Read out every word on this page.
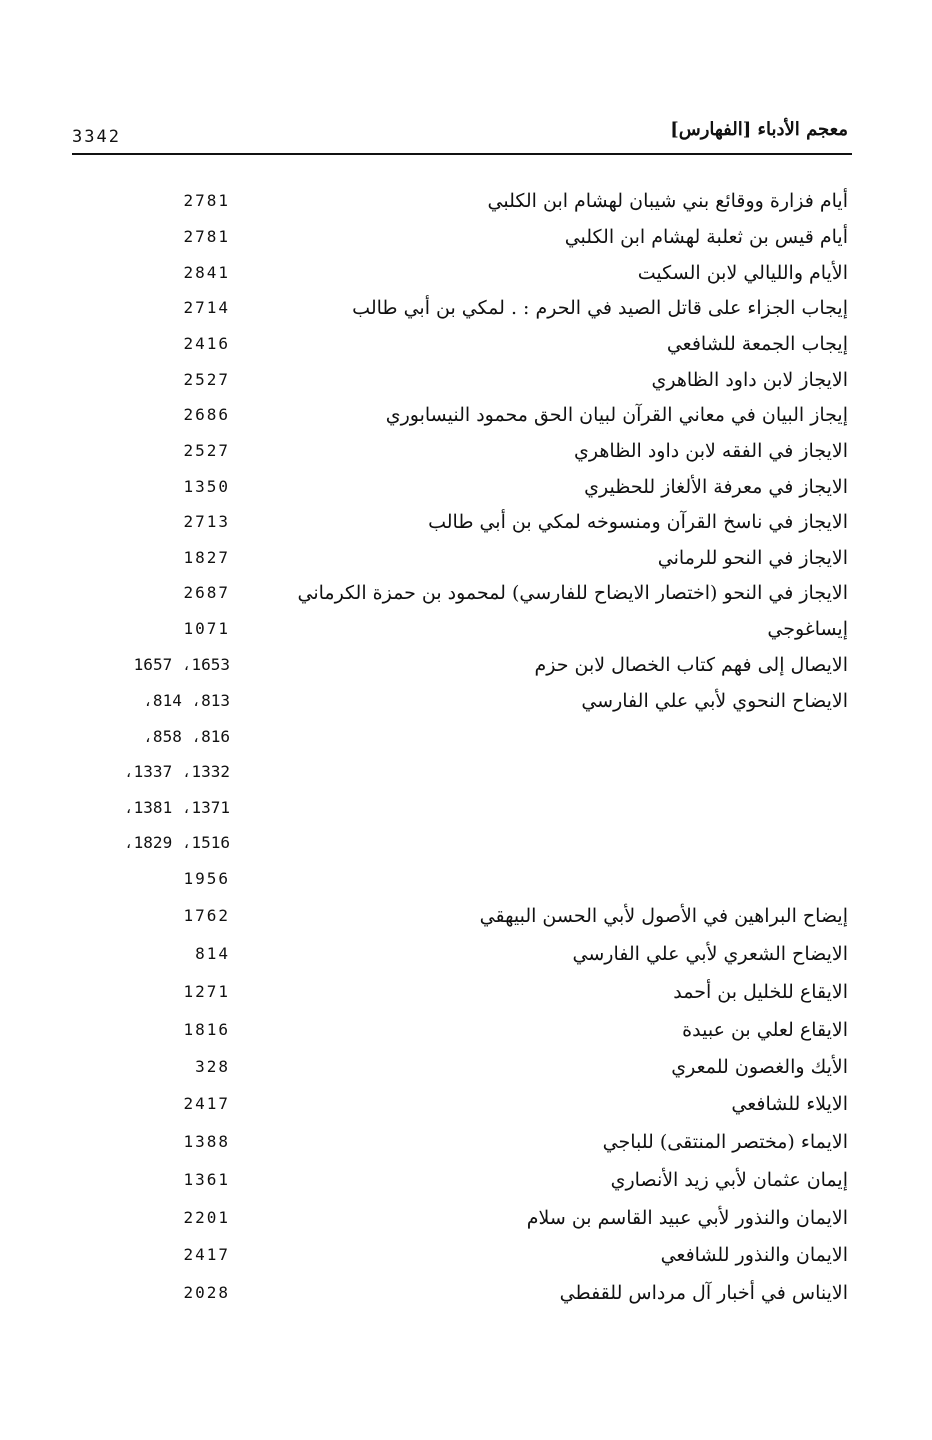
3342	معجم الأدباء [الفهارس]
أيام فزارة ووقائع بني شيبان لهشام ابن الكلبي
2781
أيام قيس بن ثعلبة لهشام ابن الكلبي
2781
الأيام والليالي لابن السكيت
2841
إيجاب الجزاء على قاتل الصيد في الحرم : . لمكي بن أبي طالب
2714
إيجاب الجمعة للشافعي
2416
الايجاز لابن داود الظاهري
2527
إيجاز البيان في معاني القرآن لبيان الحق محمود النيسابوري
2686
الايجاز في الفقه لابن داود الظاهري
2527
الايجاز في معرفة الألغاز للحظيري
1350
الايجاز في ناسخ القرآن ومنسوخه لمكي بن أبي طالب
2713
الايجاز في النحو للرماني
1827
الايجاز في النحو (اختصار الايضاح للفارسي) لمحمود بن حمزة الكرماني
2687
إيساغوجي
1071
الايصال إلى فهم كتاب الخصال لابن حزم
1657 ،1653
الايضاح النحوي لأبي علي الفارسي
،814 ،813
،858 ،816
،1337 ،1332
،1381 ،1371
،1829 ،1516
1956
إيضاح البراهين في الأصول لأبي الحسن البيهقي
1762
الايضاح الشعري لأبي علي الفارسي
814
الايقاع للخليل بن أحمد
1271
الايقاع لعلي بن عبيدة
1816
الأيك والغصون للمعري
328
الايلاء للشافعي
2417
الايماء (مختصر المنتقى) للباجي
1388
إيمان عثمان لأبي زيد الأنصاري
1361
الايمان والنذور لأبي عبيد القاسم بن سلام
2201
الايمان والنذور للشافعي
2417
الايناس في أخبار آل مرداس للقفطي
2028
